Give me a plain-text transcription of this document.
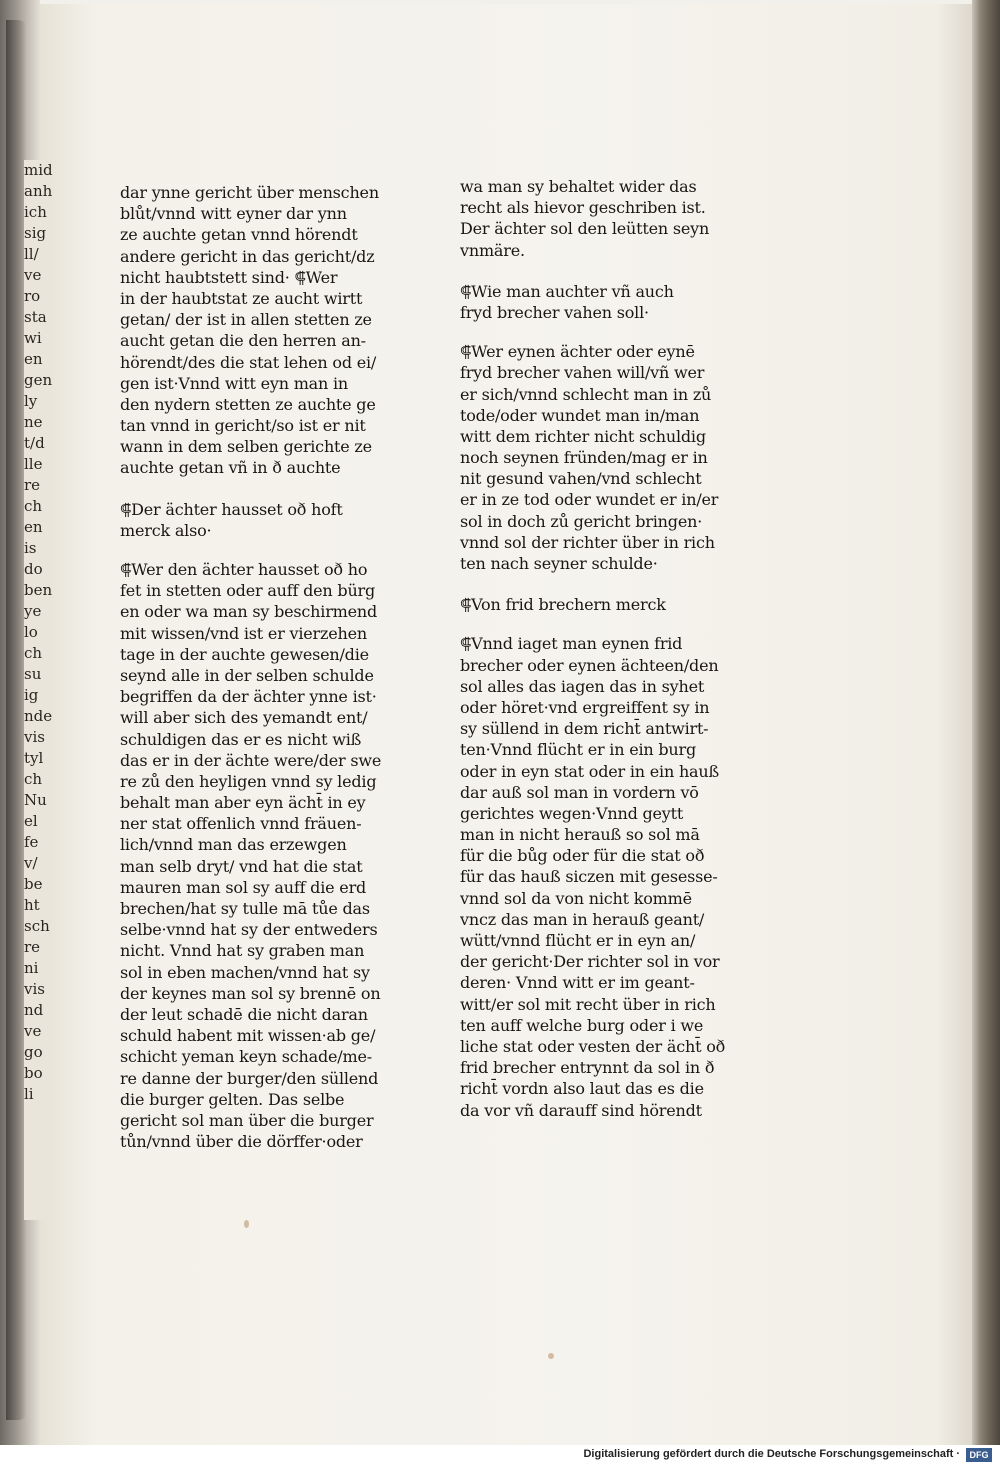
mid
anh
ich
sig
ll/
ve
ro
sta
wi
en
gen
ly
ne
t/d
lle
re
ch
en
is
do
ben
ye
lo
ch
su
ig
nde
vis
tyl
ch
Nu
el
fe
v/
be
ht
sch
re
ni
vis
nd
ve
go
bo
li
dar ynne gericht über menschen
blůt/vnnd witt eyner dar ynn
ze auchte getan vnnd hörendt
andere gericht in das gericht/dz
nicht haubtstett sind· ⸿Wer
in der haubtstat ze aucht wirtt
getan/ der ist in allen stetten ze
aucht getan die den herren an-
hörendt/des die stat lehen od ei/
gen ist·Vnnd witt eyn man in
den nydern stetten ze auchte ge
tan vnnd in gericht/so ist er nit
wann in dem selben gerichte ze
auchte getan vñ in ð auchte
⸿Der ächter hausset oð hoft
merck also·
⸿Wer den ächter hausset oð ho
fet in stetten oder auff den bürg
en oder wa man sy beschirmend
mit wissen/vnd ist er vierzehen
tage in der auchte gewesen/die
seynd alle in der selben schulde
begriffen da der ächter ynne ist·
will aber sich des yemandt ent/
schuldigen das er es nicht wiß
das er in der ächte were/der swe
re zů den heyligen vnnd sy ledig
behalt man aber eyn ächt̄ in ey
ner stat offenlich vnnd fräuen-
lich/vnnd man das erzewgen
man selb dryt/ vnd hat die stat
mauren man sol sy auff die erd
brechen/hat sy tulle mā tůe das
selbe·vnnd hat sy der entweders
nicht. Vnnd hat sy graben man
sol in eben machen/vnnd hat sy
der keynes man sol sy brennē on
der leut schadē die nicht daran
schuld habent mit wissen·ab ge/
schicht yeman keyn schade/me-
re danne der burger/den süllend
die burger gelten. Das selbe
gericht sol man über die burger
tůn/vnnd über die dörffer·oder
wa man sy behaltet wider das
recht als hievor geschriben ist.
Der ächter sol den leütten seyn
vnmäre.
⸿Wie man auchter vñ auch
fryd brecher vahen soll·
⸿Wer eynen ächter oder eynē
fryd brecher vahen will/vñ wer
er sich/vnnd schlecht man in zů
tode/oder wundet man in/man
witt dem richter nicht schuldig
noch seynen fründen/mag er in
nit gesund vahen/vnd schlecht
er in ze tod oder wundet er in/er
sol in doch zů gericht bringen·
vnnd sol der richter über in rich
ten nach seyner schulde·
⸿Von frid brechern merck
⸿Vnnd iaget man eynen frid
brecher oder eynen ächteen/den
sol alles das iagen das in syhet
oder höret·vnd ergreiffent sy in
sy süllend in dem richt̄ antwirt-
ten·Vnnd flücht er in ein burg
oder in eyn stat oder in ein hauß
dar auß sol man in vordern vō
gerichtes wegen·Vnnd geytt
man in nicht herauß so sol mā
für die bůg oder für die stat oð
für das hauß siczen mit gesesse-
vnnd sol da von nicht kommē
vncz das man in herauß geant/
wütt/vnnd flücht er in eyn an/
der gericht·Der richter sol in vor
deren· Vnnd witt er im geant-
witt/er sol mit recht über in rich
ten auff welche burg oder i we
liche stat oder vesten der ächt̄ oð
frid brecher entrynnt da sol in ð
richt̄ vordn also laut das es die
da vor vñ darauff sind hörendt
Digitalisierung gefördert durch die Deutsche Forschungsgemeinschaft ·	DFG
